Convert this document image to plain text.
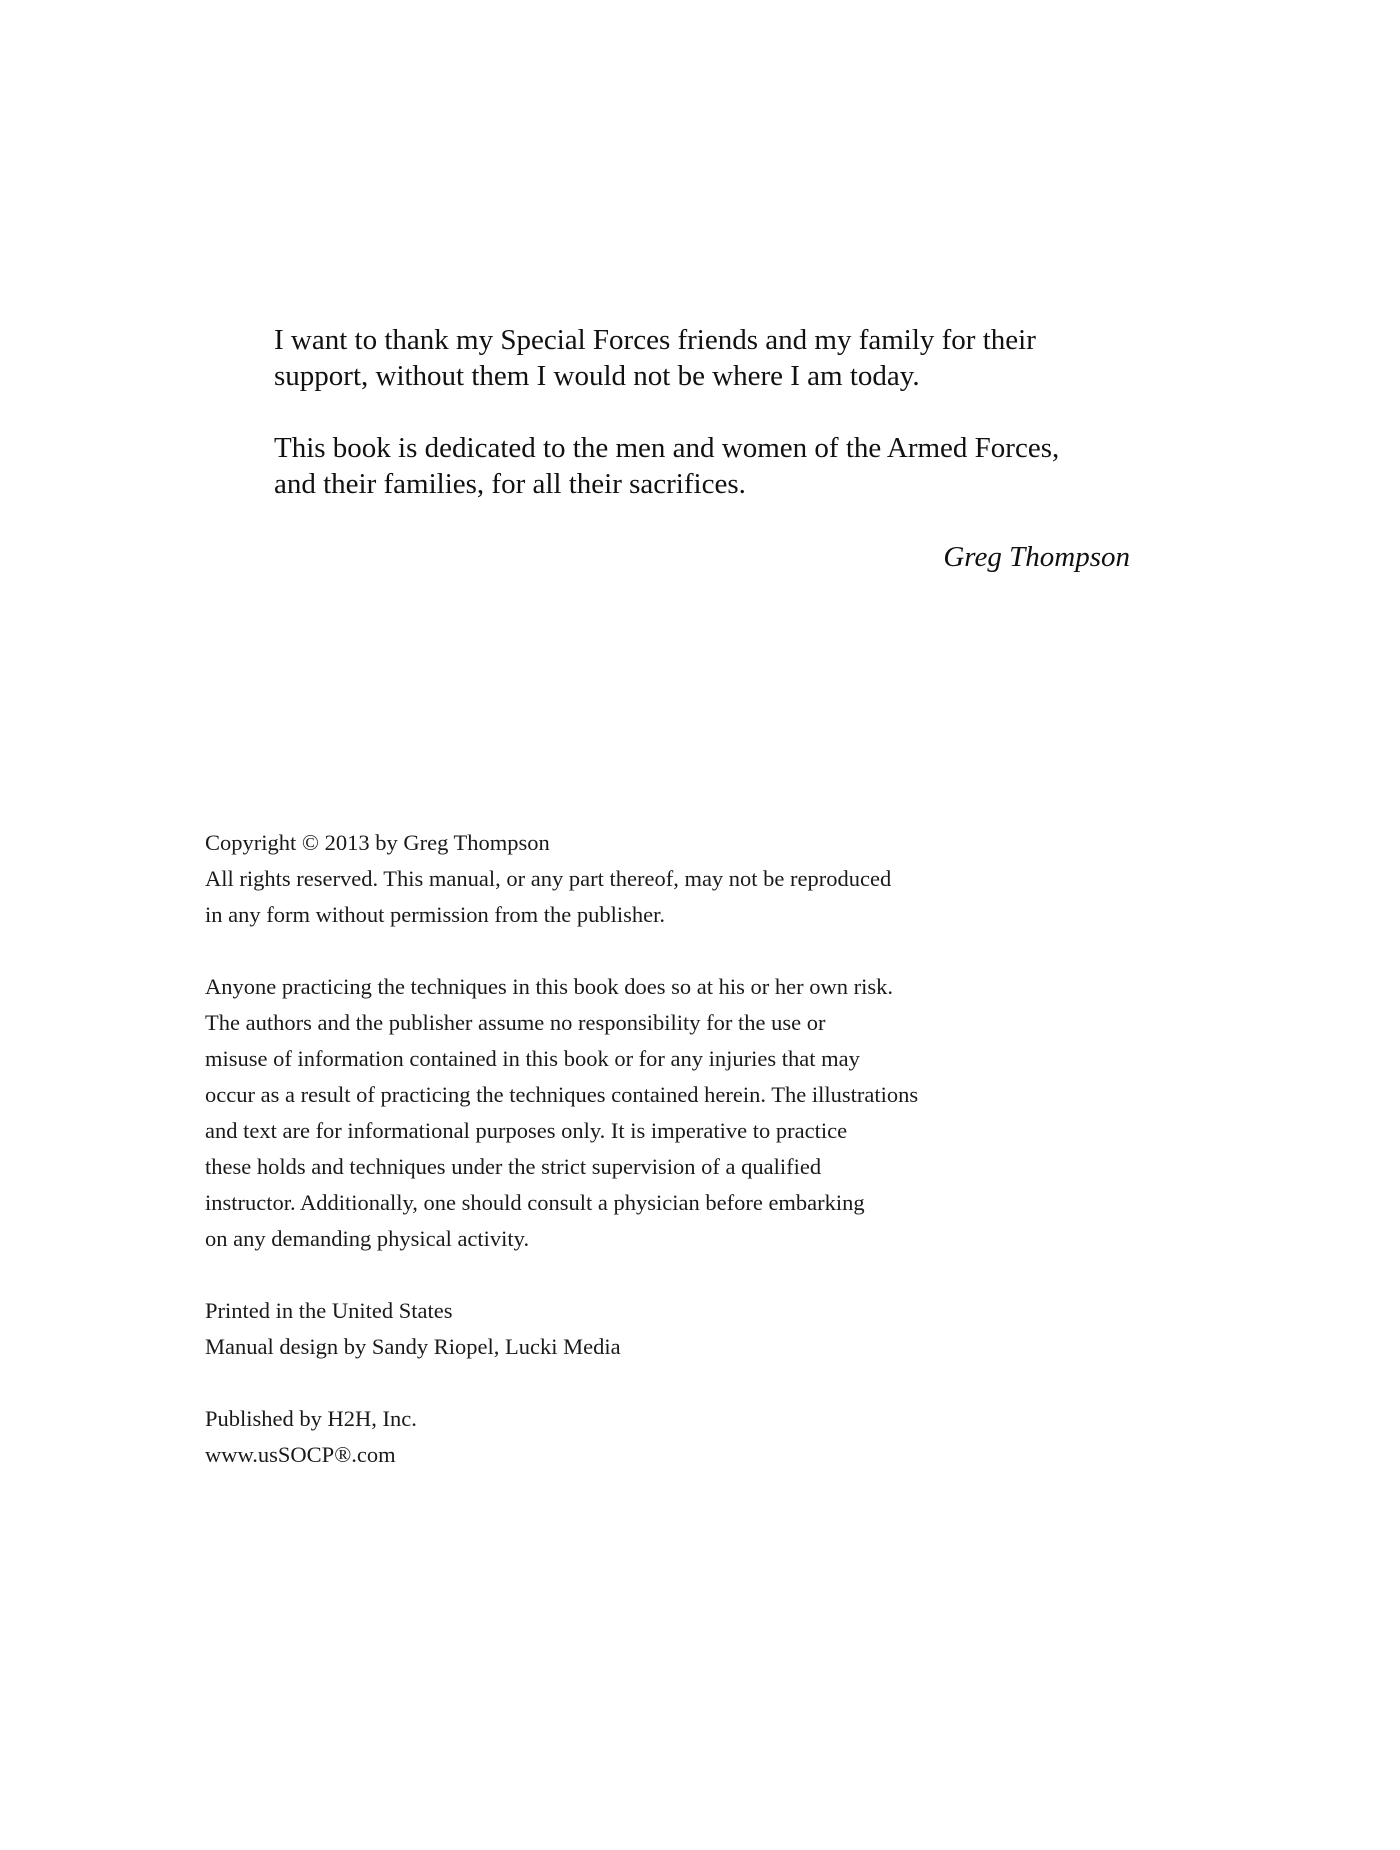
I want to thank my Special Forces friends and my family for their
support, without them I would not be where I am today.

This book is dedicated to the men and women of the Armed Forces,
and their families, for all their sacrifices.

Greg Thompson
Copyright © 2013 by Greg Thompson
All rights reserved. This manual, or any part thereof, may not be reproduced
in any form without permission from the publisher.
Anyone practicing the techniques in this book does so at his or her own risk.
The authors and the publisher assume no responsibility for the use or
misuse of information contained in this book or for any injuries that may
occur as a result of practicing the techniques contained herein. The illustrations
and text are for informational purposes only. It is imperative to practice
these holds and techniques under the strict supervision of a qualified
instructor. Additionally, one should consult a physician before embarking
on any demanding physical activity.
Printed in the United States
Manual design by Sandy Riopel, Lucki Media
Published by H2H, Inc.
www.usSOCP®.com
